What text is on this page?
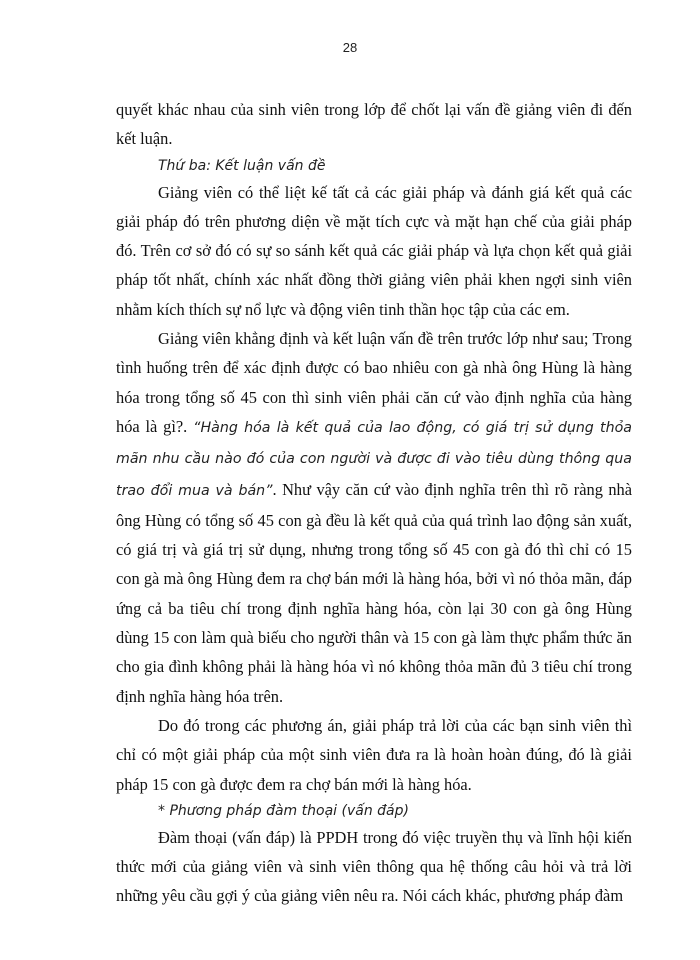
28

quyết khác nhau của sinh viên trong lớp để chốt lại vấn đề giảng viên đi đến kết luận.

Thứ ba: Kết luận vấn đề

Giảng viên có thể liệt kế tất cả các giải pháp và đánh giá kết quả các giải pháp đó trên phương diện về mặt tích cực và mặt hạn chế của giải pháp đó. Trên cơ sở đó có sự so sánh kết quả các giải pháp và lựa chọn kết quả giải pháp tốt nhất, chính xác nhất đồng thời giảng viên phải khen ngợi sinh viên nhằm kích thích sự nổ lực và động viên tinh thần học tập của các em.

Giảng viên khẳng định và kết luận vấn đề trên trước lớp như sau; Trong tình huống trên để xác định được có bao nhiêu con gà nhà ông Hùng là hàng hóa trong tổng số 45 con thì sinh viên phải căn cứ vào định nghĩa của hàng hóa là gì?. “Hàng hóa là kết quả của lao động, có giá trị sử dụng thỏa mãn nhu cầu nào đó của con người và được đi vào tiêu dùng thông qua trao đổi mua và bán”. Như vậy căn cứ vào định nghĩa trên thì rõ ràng nhà ông Hùng có tổng số 45 con gà đều là kết quả của quá trình lao động sản xuất, có giá trị và giá trị sử dụng, nhưng trong tổng số 45 con gà đó thì chỉ có 15 con gà mà ông Hùng đem ra chợ bán mới là hàng hóa, bởi vì nó thỏa mãn, đáp ứng cả ba tiêu chí trong định nghĩa hàng hóa, còn lại 30 con gà ông Hùng dùng 15 con làm quà biếu cho người thân và 15 con gà làm thực phẩm thức ăn cho gia đình không phải là hàng hóa vì nó không thỏa mãn đủ 3 tiêu chí trong định nghĩa hàng hóa trên.

Do đó trong các phương án, giải pháp trả lời của các bạn sinh viên thì chỉ có một giải pháp của một sinh viên đưa ra là hoàn hoàn đúng, đó là giải pháp 15 con gà được đem ra chợ bán mới là hàng hóa.

* Phương pháp đàm thoại (vấn đáp)

Đàm thoại (vấn đáp) là PPDH trong đó việc truyền thụ và lĩnh hội kiến thức mới của giảng viên và sinh viên thông qua hệ thống câu hỏi và trả lời những yêu cầu gợi ý của giảng viên nêu ra. Nói cách khác, phương pháp đàm
